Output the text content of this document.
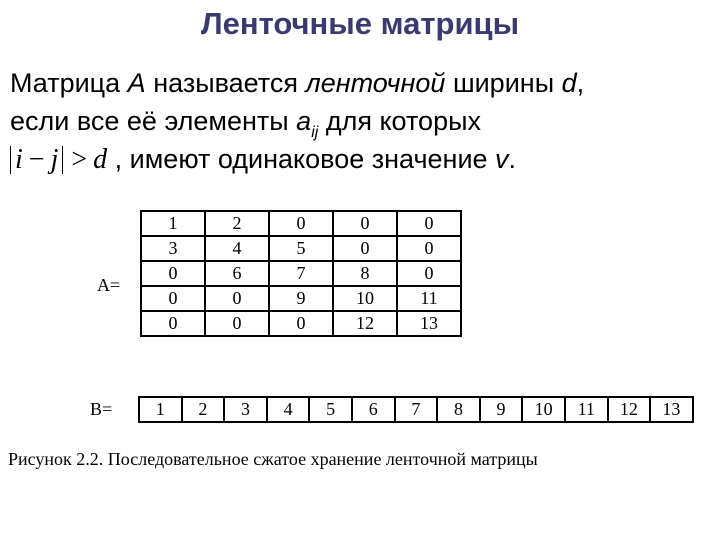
Ленточные матрицы
Матрица A называется ленточной ширины d,
если все её элементы $a_{ij}$ для которых
i − j > d , имеют одинаковое значение v.
A=
1	2	0	0	0
3	4	5	0	0
0	6	7	8	0
0	0	9	10	11
0	0	0	12	13
B= 1	2	3	4	5	6	7	8	9	10	11	12	13
Рисунок 2.2. Последовательное сжатое хранение ленточной матрицы
